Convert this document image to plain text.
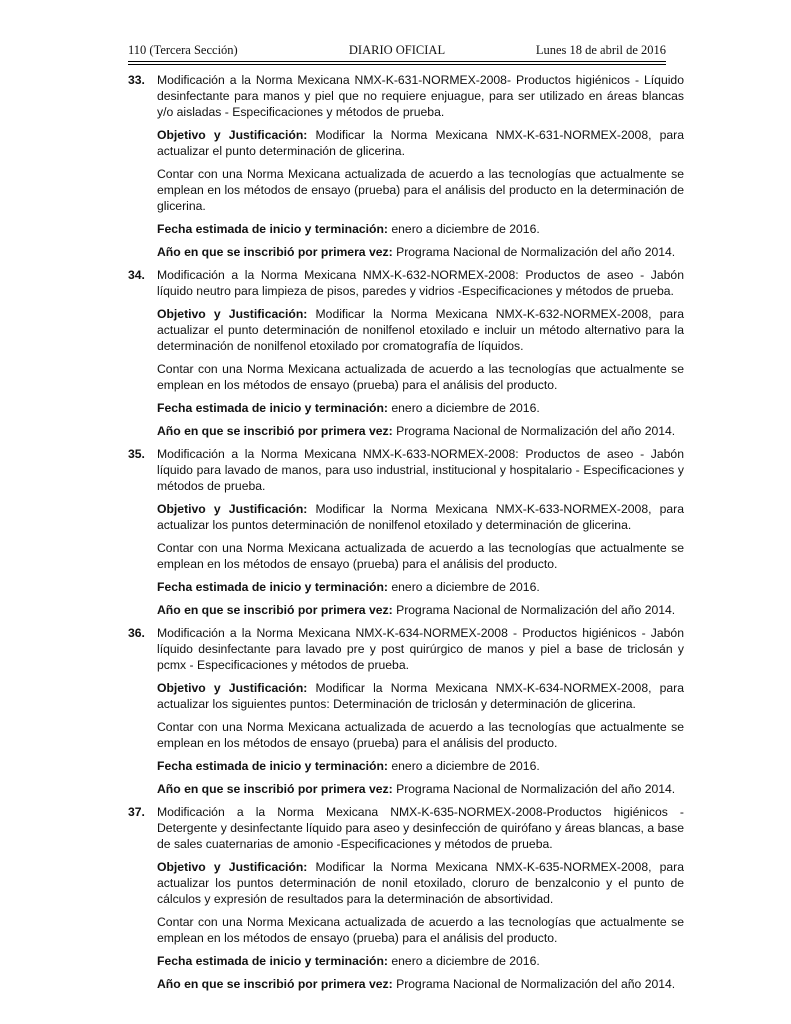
110 (Tercera Sección)	DIARIO OFICIAL	Lunes 18 de abril de 2016
33. Modificación a la Norma Mexicana NMX-K-631-NORMEX-2008- Productos higiénicos - Líquido desinfectante para manos y piel que no requiere enjuague, para ser utilizado en áreas blancas y/o aisladas - Especificaciones y métodos de prueba.

Objetivo y Justificación: Modificar la Norma Mexicana NMX-K-631-NORMEX-2008, para actualizar el punto determinación de glicerina.

Contar con una Norma Mexicana actualizada de acuerdo a las tecnologías que actualmente se emplean en los métodos de ensayo (prueba) para el análisis del producto en la determinación de glicerina.

Fecha estimada de inicio y terminación: enero a diciembre de 2016.

Año en que se inscribió por primera vez: Programa Nacional de Normalización del año 2014.

34. Modificación a la Norma Mexicana NMX-K-632-NORMEX-2008: Productos de aseo - Jabón líquido neutro para limpieza de pisos, paredes y vidrios -Especificaciones y métodos de prueba.

Objetivo y Justificación: Modificar la Norma Mexicana NMX-K-632-NORMEX-2008, para actualizar el punto determinación de nonilfenol etoxilado e incluir un método alternativo para la determinación de nonilfenol etoxilado por cromatografía de líquidos.

Contar con una Norma Mexicana actualizada de acuerdo a las tecnologías que actualmente se emplean en los métodos de ensayo (prueba) para el análisis del producto.

Fecha estimada de inicio y terminación: enero a diciembre de 2016.

Año en que se inscribió por primera vez: Programa Nacional de Normalización del año 2014.

35. Modificación a la Norma Mexicana NMX-K-633-NORMEX-2008: Productos de aseo - Jabón líquido para lavado de manos, para uso industrial, institucional y hospitalario - Especificaciones y métodos de prueba.

Objetivo y Justificación: Modificar la Norma Mexicana NMX-K-633-NORMEX-2008, para actualizar los puntos determinación de nonilfenol etoxilado y determinación de glicerina.

Contar con una Norma Mexicana actualizada de acuerdo a las tecnologías que actualmente se emplean en los métodos de ensayo (prueba) para el análisis del producto.

Fecha estimada de inicio y terminación: enero a diciembre de 2016.

Año en que se inscribió por primera vez: Programa Nacional de Normalización del año 2014.

36. Modificación a la Norma Mexicana NMX-K-634-NORMEX-2008 - Productos higiénicos - Jabón líquido desinfectante para lavado pre y post quirúrgico de manos y piel a base de triclosán y pcmx - Especificaciones y métodos de prueba.

Objetivo y Justificación: Modificar la Norma Mexicana NMX-K-634-NORMEX-2008, para actualizar los siguientes puntos: Determinación de triclosán y determinación de glicerina.

Contar con una Norma Mexicana actualizada de acuerdo a las tecnologías que actualmente se emplean en los métodos de ensayo (prueba) para el análisis del producto.

Fecha estimada de inicio y terminación: enero a diciembre de 2016.

Año en que se inscribió por primera vez: Programa Nacional de Normalización del año 2014.

37. Modificación a la Norma Mexicana NMX-K-635-NORMEX-2008-Productos higiénicos - Detergente y desinfectante líquido para aseo y desinfección de quirófano y áreas blancas, a base de sales cuaternarias de amonio -Especificaciones y métodos de prueba.

Objetivo y Justificación: Modificar la Norma Mexicana NMX-K-635-NORMEX-2008, para actualizar los puntos determinación de nonil etoxilado, cloruro de benzalconio y el punto de cálculos y expresión de resultados para la determinación de absortividad.

Contar con una Norma Mexicana actualizada de acuerdo a las tecnologías que actualmente se emplean en los métodos de ensayo (prueba) para el análisis del producto.

Fecha estimada de inicio y terminación: enero a diciembre de 2016.

Año en que se inscribió por primera vez: Programa Nacional de Normalización del año 2014.
